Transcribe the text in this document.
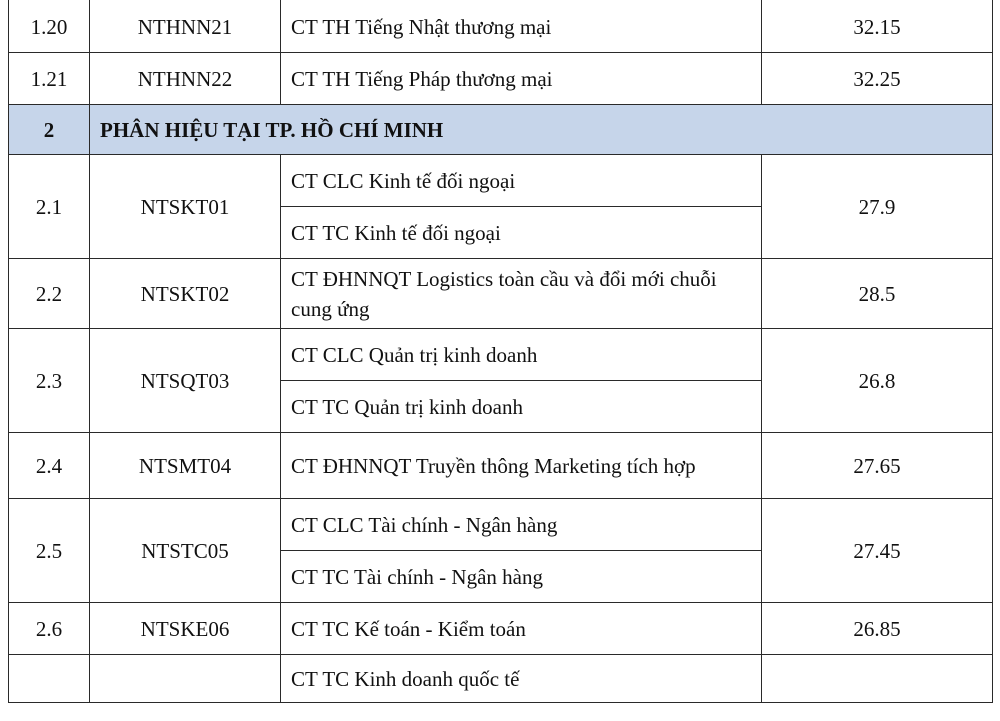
1.20	NTHNN21	CT TH Tiếng Nhật thương mại	32.15
1.21	NTHNN22	CT TH Tiếng Pháp thương mại	32.25
2	PHÂN HIỆU TẠI TP. HỒ CHÍ MINH		
2.1	NTSKT01	CT CLC Kinh tế đối ngoại	27.9
		CT TC Kinh tế đối ngoại	
2.2	NTSKT02	CT ĐHNNQT Logistics toàn cầu và đổi mới chuỗi cung ứng	28.5
2.3	NTSQT03	CT CLC Quản trị kinh doanh	26.8
		CT TC Quản trị kinh doanh	
2.4	NTSMT04	CT ĐHNNQT Truyền thông Marketing tích hợp	27.65
2.5	NTSTC05	CT CLC Tài chính - Ngân hàng	27.45
		CT TC Tài chính - Ngân hàng	
2.6	NTSKE06	CT TC Kế toán - Kiểm toán	26.85
		CT TC Kinh doanh quốc tế	
